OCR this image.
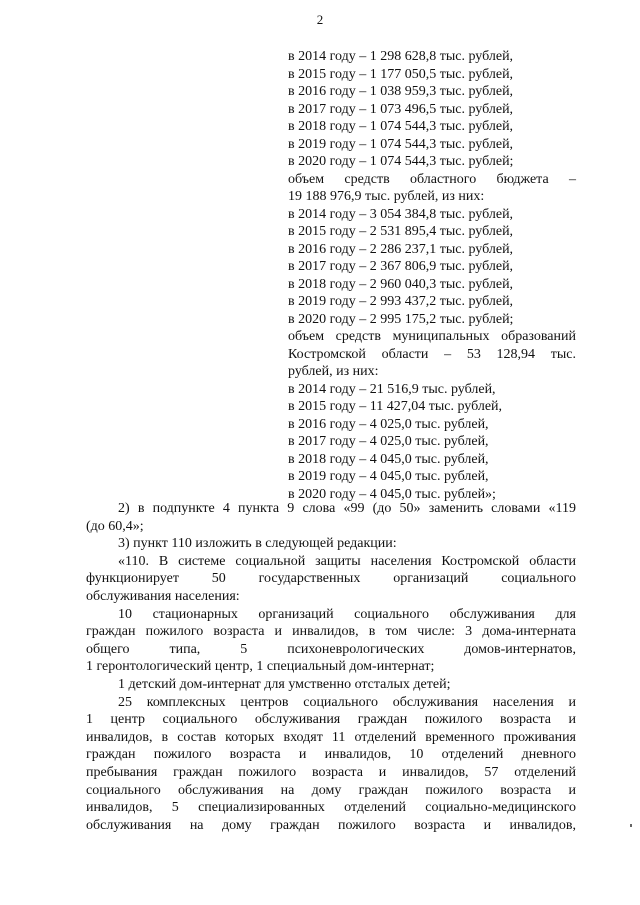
2
в 2014 году – 1 298 628,8 тыс. рублей,
в 2015 году – 1 177 050,5 тыс. рублей,
в 2016 году – 1 038 959,3 тыс. рублей,
в 2017 году – 1 073 496,5 тыс. рублей,
в 2018 году – 1 074 544,3 тыс. рублей,
в 2019 году – 1 074 544,3 тыс. рублей,
в 2020 году – 1 074 544,3 тыс. рублей;
объем средств областного бюджета –
19 188 976,9 тыс. рублей, из них:
в 2014 году – 3 054 384,8 тыс. рублей,
в 2015 году – 2 531 895,4 тыс. рублей,
в 2016 году – 2 286 237,1 тыс. рублей,
в 2017 году – 2 367 806,9 тыс. рублей,
в 2018 году – 2 960 040,3 тыс. рублей,
в 2019 году – 2 993 437,2 тыс. рублей,
в 2020 году – 2 995 175,2 тыс. рублей;
объем средств муниципальных образований
Костромской области – 53 128,94 тыс.
рублей, из них:
в 2014 году – 21 516,9 тыс. рублей,
в 2015 году – 11 427,04 тыс. рублей,
в 2016 году – 4 025,0 тыс. рублей,
в 2017 году – 4 025,0 тыс. рублей,
в 2018 году – 4 045,0 тыс. рублей,
в 2019 году – 4 045,0 тыс. рублей,
в 2020 году – 4 045,0 тыс. рублей»;
2) в подпункте 4 пункта 9 слова «99 (до 50» заменить словами «119
(до 60,4»;
3) пункт 110 изложить в следующей редакции:
«110. В системе социальной защиты населения Костромской области
функционирует 50 государственных организаций социального
обслуживания населения:
10 стационарных организаций социального обслуживания для
граждан пожилого возраста и инвалидов, в том числе: 3 дома-интерната
общего типа, 5 психоневрологических домов-интернатов,
1 геронтологический центр, 1 специальный дом-интернат;
1 детский дом-интернат для умственно отсталых детей;
25 комплексных центров социального обслуживания населения и
1 центр социального обслуживания граждан пожилого возраста и
инвалидов, в состав которых входят 11 отделений временного проживания
граждан пожилого возраста и инвалидов, 10 отделений дневного
пребывания граждан пожилого возраста и инвалидов, 57 отделений
социального обслуживания на дому граждан пожилого возраста и
инвалидов, 5 специализированных отделений социально-медицинского
обслуживания на дому граждан пожилого возраста и инвалидов,
